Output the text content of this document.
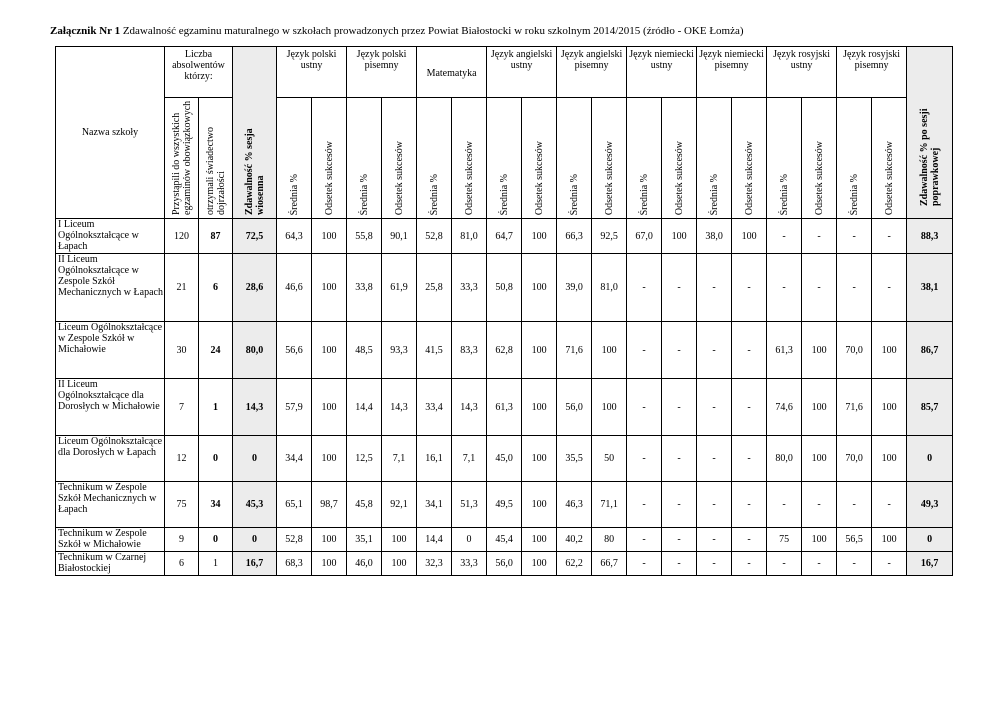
Załącznik Nr 1 Zdawalność egzaminu maturalnego w szkołach prowadzonych przez Powiat Białostocki w roku szkolnym 2014/2015 (źródło - OKE Łomża)
Nazwa szkoły	Liczba absolwentów którzy:		Zdawalność % sesja wiosenna	Język polski ustny		Język polski pisemny		Matematyka		Język angielski ustny		Język angielski pisemny		Język niemiecki ustny		Język niemiecki pisemny		Język rosyjski ustny		Język rosyjski pisemny		Zdawalność % po sesji poprawkowej
	Przystąpili do wszystkich egzaminów obowiązkowych	otrzymali świadectwo dojrzałości		Średnia %	Odsetek sukcesów	Średnia %	Odsetek sukcesów	Średnia %	Odsetek sukcesów	Średnia %	Odsetek sukcesów	Średnia %	Odsetek sukcesów	Średnia %	Odsetek sukcesów	Średnia %	Odsetek sukcesów	Średnia %	Odsetek sukcesów	Średnia %	Odsetek sukcesów	
I Liceum Ogólnokształcące w Łapach	120	87	72,5	64,3	100	55,8	90,1	52,8	81,0	64,7	100	66,3	92,5	67,0	100	38,0	100	-	-	-	-	88,3
II Liceum Ogólnokształcące w Zespole Szkół Mechanicznych w Łapach	21	6	28,6	46,6	100	33,8	61,9	25,8	33,3	50,8	100	39,0	81,0	-	-	-	-	-	-	-	-	38,1
Liceum Ogólnokształcące w Zespole Szkół w Michałowie	30	24	80,0	56,6	100	48,5	93,3	41,5	83,3	62,8	100	71,6	100	-	-	-	-	61,3	100	70,0	100	86,7
II Liceum Ogólnokształcące dla Dorosłych w Michałowie	7	1	14,3	57,9	100	14,4	14,3	33,4	14,3	61,3	100	56,0	100	-	-	-	-	74,6	100	71,6	100	85,7
Liceum Ogólnokształcące dla Dorosłych w Łapach	12	0	0	34,4	100	12,5	7,1	16,1	7,1	45,0	100	35,5	50	-	-	-	-	80,0	100	70,0	100	0
Technikum w Zespole Szkół Mechanicznych w Łapach	75	34	45,3	65,1	98,7	45,8	92,1	34,1	51,3	49,5	100	46,3	71,1	-	-	-	-	-	-	-	-	49,3
Technikum w Zespole Szkół w Michałowie	9	0	0	52,8	100	35,1	100	14,4	0	45,4	100	40,2	80	-	-	-	-	75	100	56,5	100	0
Technikum w Czarnej Białostockiej	6	1	16,7	68,3	100	46,0	100	32,3	33,3	56,0	100	62,2	66,7	-	-	-	-	-	-	-	-	16,7
